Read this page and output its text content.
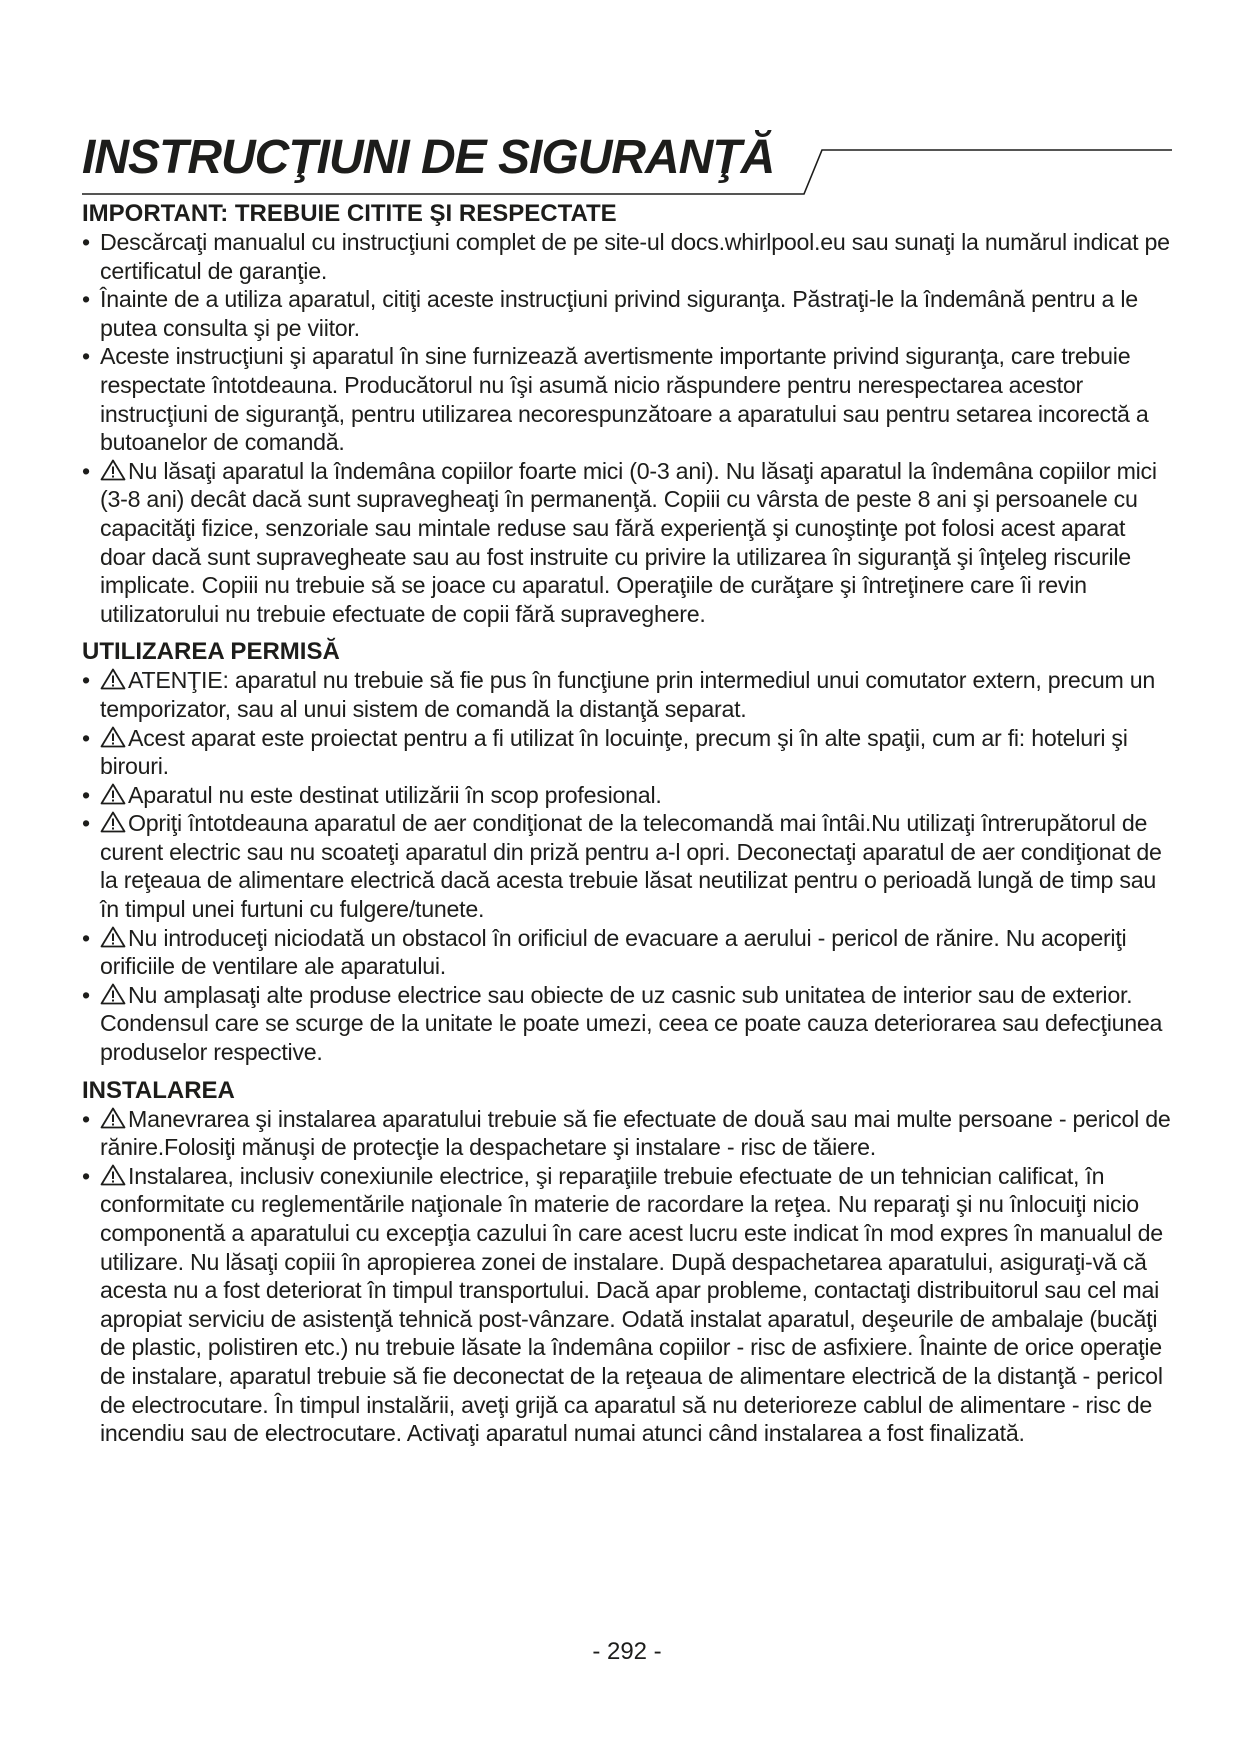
INSTRUCŢIUNI DE SIGURANŢĂ
IMPORTANT: TREBUIE CITITE ŞI RESPECTATE
• Descărcaţi manualul cu instrucţiuni complet de pe site-ul docs.whirlpool.eu sau sunaţi la numărul indicat pe certificatul de garanţie.
• Înainte de a utiliza aparatul, citiţi aceste instrucţiuni privind siguranţa. Păstraţi-le la îndemână pentru a le putea consulta şi pe viitor.
• Aceste instrucţiuni şi aparatul în sine furnizează avertismente importante privind siguranţa, care trebuie respectate întotdeauna. Producătorul nu îşi asumă nicio răspundere pentru nerespectarea acestor instrucţiuni de siguranţă, pentru utilizarea necorespunzătoare a aparatului sau pentru setarea incorectă a butoanelor de comandă.
• Nu lăsaţi aparatul la îndemâna copiilor foarte mici (0-3 ani). Nu lăsaţi aparatul la îndemâna copiilor mici (3-8 ani) decât dacă sunt supravegheaţi în permanenţă. Copiii cu vârsta de peste 8 ani şi persoanele cu capacităţi fizice, senzoriale sau mintale reduse sau fără experienţă şi cunoştinţe pot folosi acest aparat doar dacă sunt supravegheate sau au fost instruite cu privire la utilizarea în siguranţă şi înţeleg riscurile implicate. Copiii nu trebuie să se joace cu aparatul. Operaţiile de curăţare şi întreţinere care îi revin utilizatorului nu trebuie efectuate de copii fără supraveghere.
UTILIZAREA PERMISĂ
• ATENŢIE: aparatul nu trebuie să fie pus în funcţiune prin intermediul unui comutator extern, precum un temporizator, sau al unui sistem de comandă la distanţă separat.
• Acest aparat este proiectat pentru a fi utilizat în locuinţe, precum şi în alte spaţii, cum ar fi: hoteluri şi birouri.
• Aparatul nu este destinat utilizării în scop profesional.
• Opriţi întotdeauna aparatul de aer condiţionat de la telecomandă mai întâi.Nu utilizaţi întrerupătorul de curent electric sau nu scoateţi aparatul din priză pentru a-l opri. Deconectaţi aparatul de aer condiţionat de la reţeaua de alimentare electrică dacă acesta trebuie lăsat neutilizat pentru o perioadă lungă de timp sau în timpul unei furtuni cu fulgere/tunete.
• Nu introduceţi niciodată un obstacol în orificiul de evacuare a aerului - pericol de rănire. Nu acoperiţi orificiile de ventilare ale aparatului.
• Nu amplasaţi alte produse electrice sau obiecte de uz casnic sub unitatea de interior sau de exterior. Condensul care se scurge de la unitate le poate umezi, ceea ce poate cauza deteriorarea sau defecţiunea produselor respective.
INSTALAREA
• Manevrarea şi instalarea aparatului trebuie să fie efectuate de două sau mai multe persoane - pericol de rănire.Folosiţi mănuşi de protecţie la despachetare şi instalare - risc de tăiere.
• Instalarea, inclusiv conexiunile electrice, şi reparaţiile trebuie efectuate de un tehnician calificat, în conformitate cu reglementările naţionale în materie de racordare la reţea. Nu reparaţi şi nu înlocuiţi nicio componentă a aparatului cu excepţia cazului în care acest lucru este indicat în mod expres în manualul de utilizare. Nu lăsaţi copiii în apropierea zonei de instalare. După despachetarea aparatului, asiguraţi-vă că acesta nu a fost deteriorat în timpul transportului. Dacă apar probleme, contactaţi distribuitorul sau cel mai apropiat serviciu de asistenţă tehnică post-vânzare. Odată instalat aparatul, deşeurile de ambalaje (bucăţi de plastic, polistiren etc.) nu trebuie lăsate la îndemâna copiilor - risc de asfixiere. Înainte de orice operaţie de instalare, aparatul trebuie să fie deconectat de la reţeaua de alimentare electrică de la distanţă - pericol de electrocutare. În timpul instalării, aveţi grijă ca aparatul să nu deterioreze cablul de alimentare - risc de incendiu sau de electrocutare. Activaţi aparatul numai atunci când instalarea a fost finalizată.
- 292 -
